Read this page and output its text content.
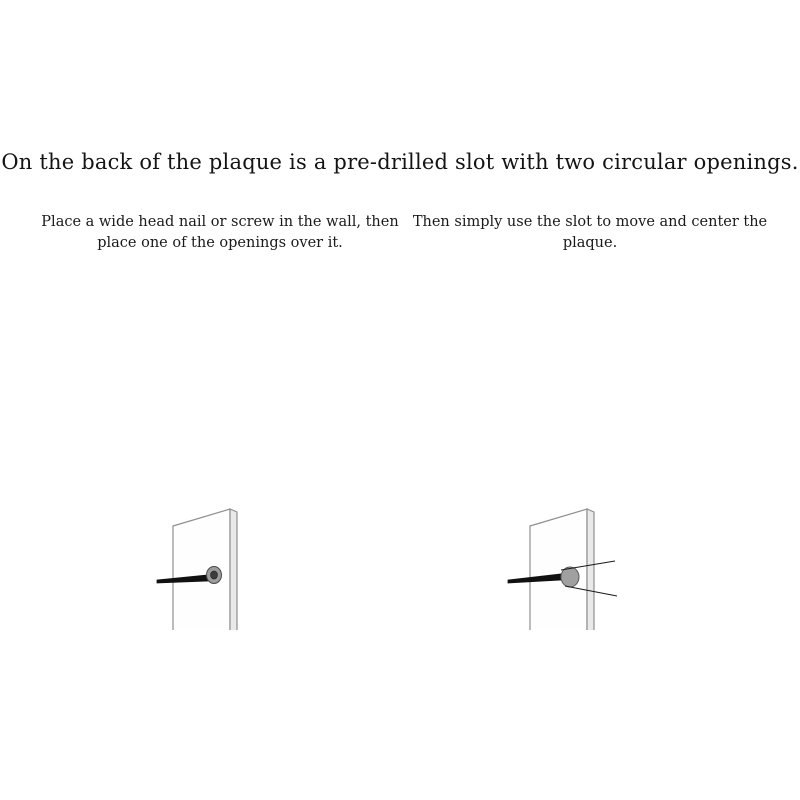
On the back of the plaque is a pre-drilled slot with two circular openings.
Place a wide head nail or screw in the wall, then place one of the openings over it.
Then simply use the slot to move and center the plaque.
